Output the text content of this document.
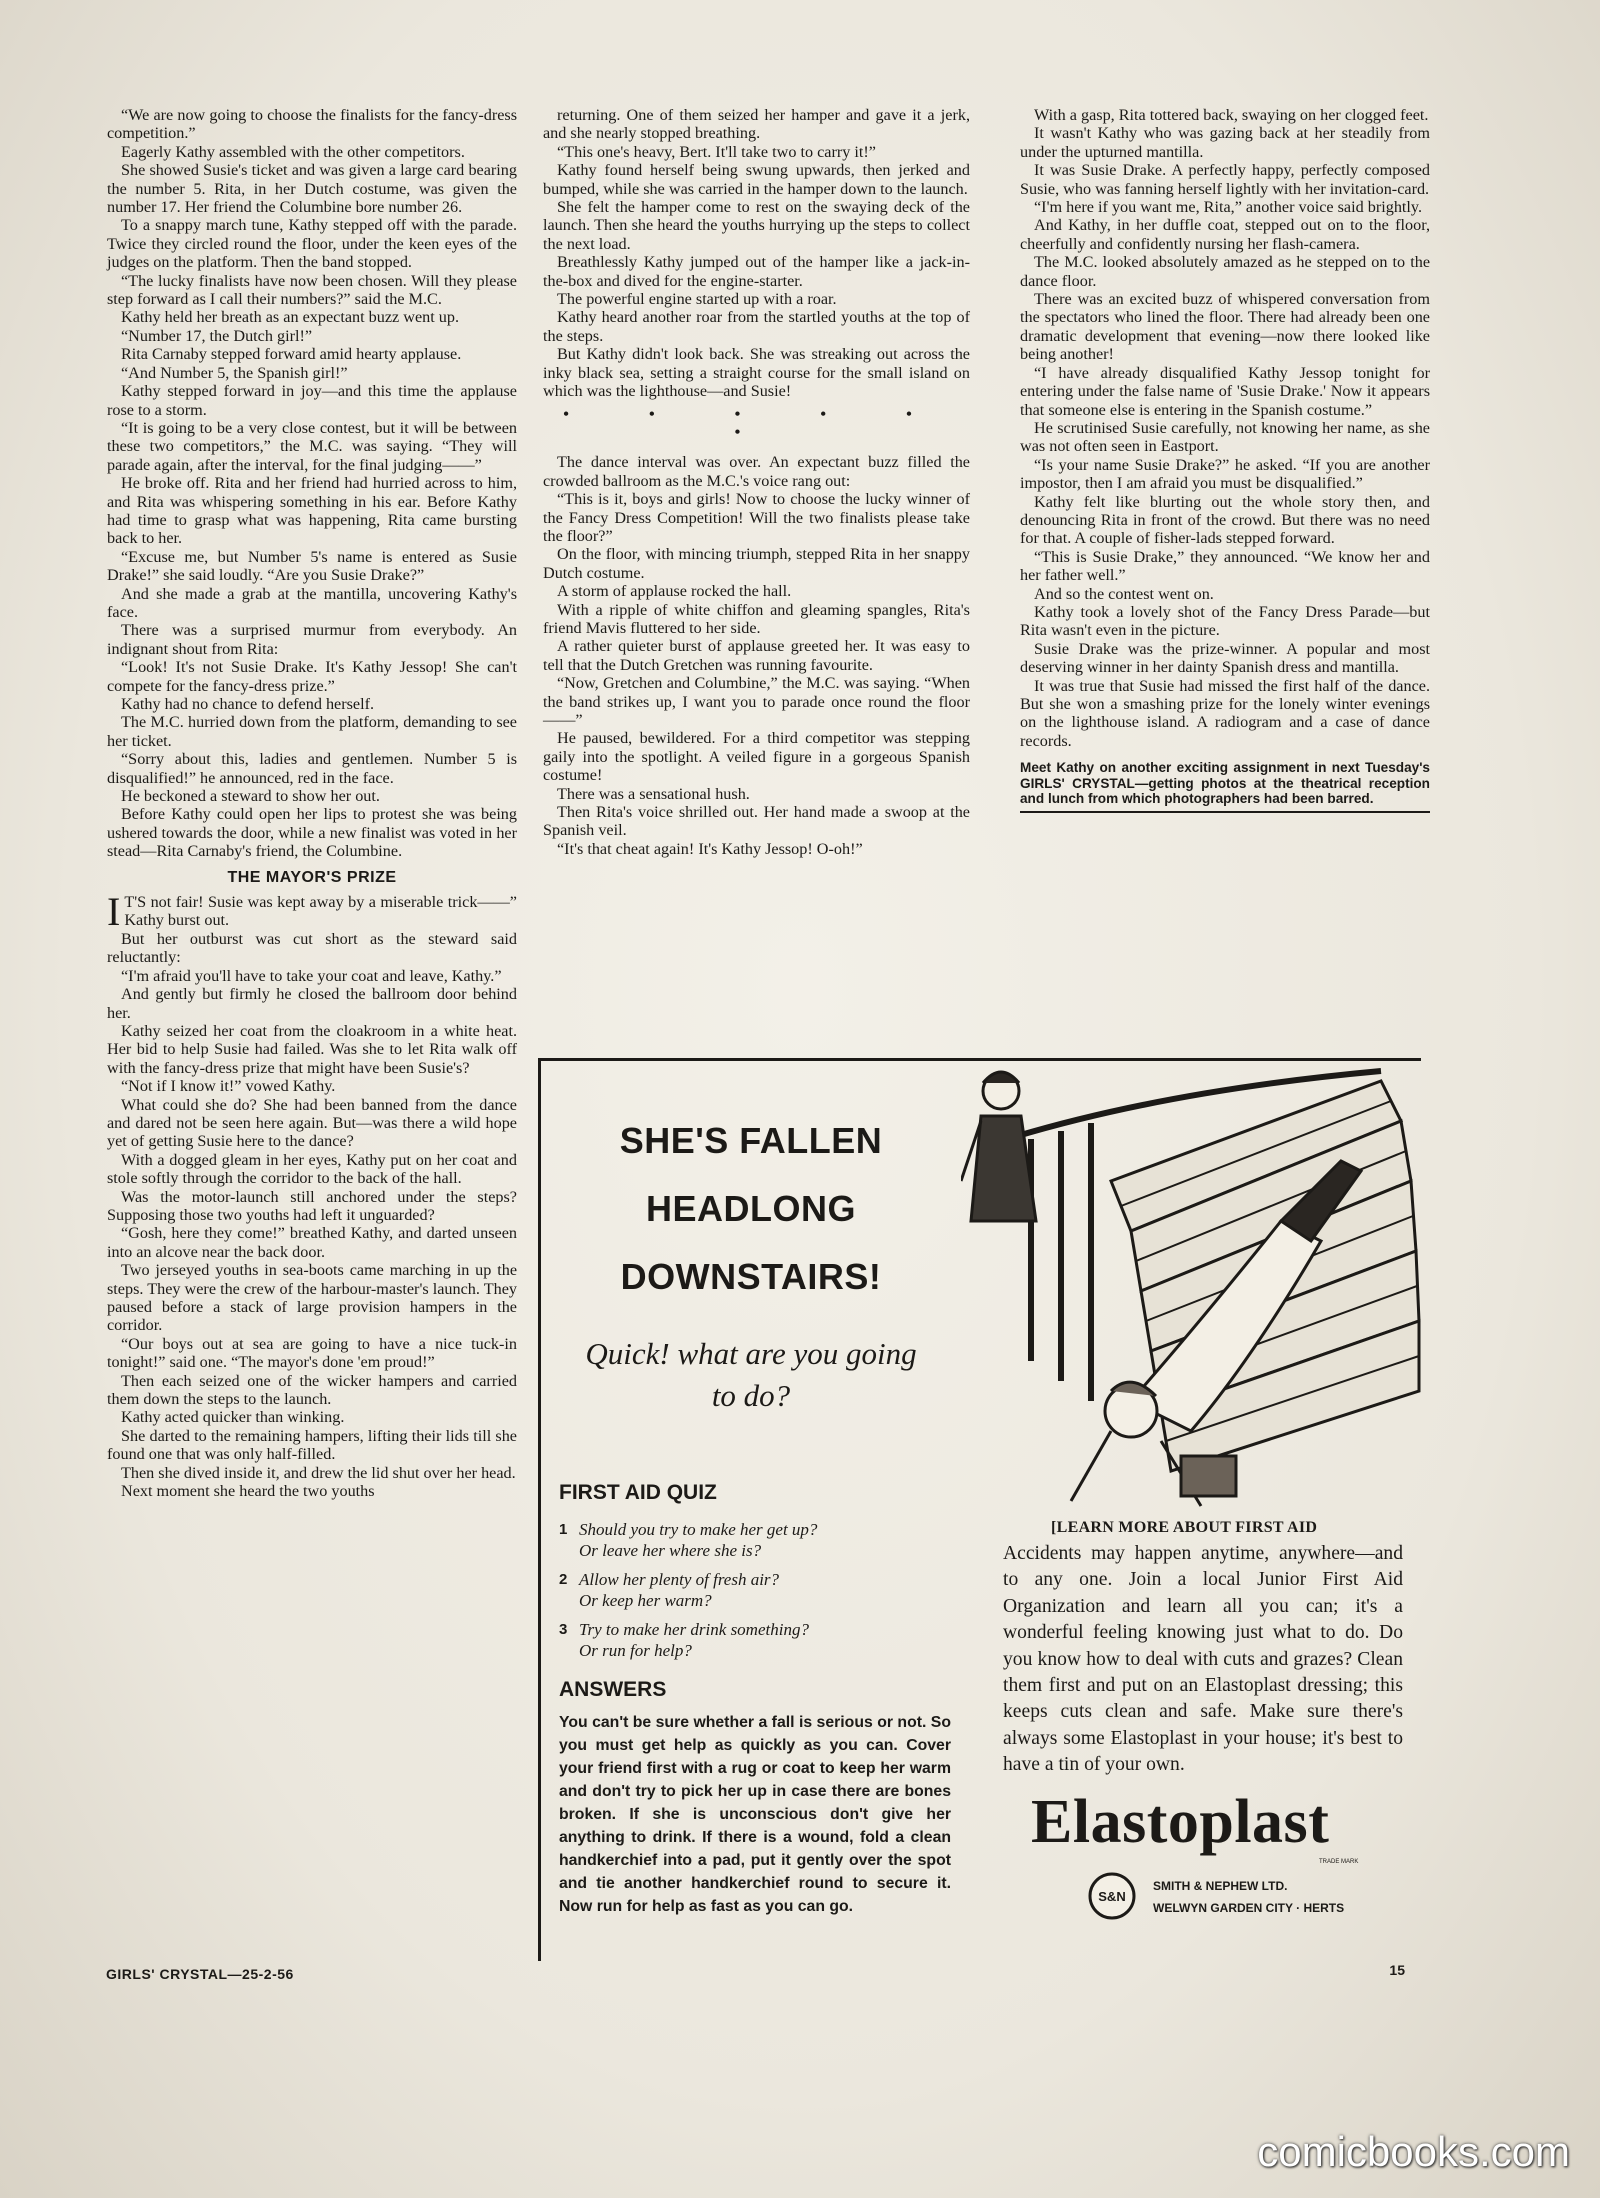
“We are now going to choose the finalists for the fancy-dress competition.”

Eagerly Kathy assembled with the other competitors.

She showed Susie's ticket and was given a large card bearing the number 5. Rita, in her Dutch costume, was given the number 17. Her friend the Columbine bore number 26.

To a snappy march tune, Kathy stepped off with the parade. Twice they circled round the floor, under the keen eyes of the judges on the platform. Then the band stopped.

“The lucky finalists have now been chosen. Will they please step forward as I call their numbers?” said the M.C.

Kathy held her breath as an expectant buzz went up.

“Number 17, the Dutch girl!”

Rita Carnaby stepped forward amid hearty applause.

“And Number 5, the Spanish girl!”

Kathy stepped forward in joy—and this time the applause rose to a storm.

“It is going to be a very close contest, but it will be between these two competitors,” the M.C. was saying. “They will parade again, after the interval, for the final judging——”

He broke off. Rita and her friend had hurried across to him, and Rita was whispering something in his ear. Before Kathy had time to grasp what was happening, Rita came bursting back to her.

“Excuse me, but Number 5's name is entered as Susie Drake!” she said loudly. “Are you Susie Drake?”

And she made a grab at the mantilla, uncovering Kathy's face.

There was a surprised murmur from everybody. An indignant shout from Rita:

“Look! It's not Susie Drake. It's Kathy Jessop! She can't compete for the fancy-dress prize.”

Kathy had no chance to defend herself.

The M.C. hurried down from the platform, demanding to see her ticket.

“Sorry about this, ladies and gentlemen. Number 5 is disqualified!” he announced, red in the face.

He beckoned a steward to show her out.

Before Kathy could open her lips to protest she was being ushered towards the door, while a new finalist was voted in her stead—Rita Carnaby's friend, the Columbine.

THE MAYOR'S PRIZE
I T'S not fair! Susie was kept away by a miserable trick——” Kathy burst out.

But her outburst was cut short as the steward said reluctantly:

“I'm afraid you'll have to take your coat and leave, Kathy.”

And gently but firmly he closed the ballroom door behind her.

Kathy seized her coat from the cloakroom in a white heat. Her bid to help Susie had failed. Was she to let Rita walk off with the fancy-dress prize that might have been Susie's?

“Not if I know it!” vowed Kathy.

What could she do? She had been banned from the dance and dared not be seen here again. But—was there a wild hope yet of getting Susie here to the dance?

With a dogged gleam in her eyes, Kathy put on her coat and stole softly through the corridor to the back of the hall.

Was the motor-launch still anchored under the steps? Supposing those two youths had left it unguarded?

“Gosh, here they come!” breathed Kathy, and darted unseen into an alcove near the back door.

Two jerseyed youths in sea-boots came marching in up the steps. They were the crew of the harbour-master's launch. They paused before a stack of large provision hampers in the corridor.

“Our boys out at sea are going to have a nice tuck-in tonight!” said one. “The mayor's done 'em proud!”

Then each seized one of the wicker hampers and carried them down the steps to the launch.

Kathy acted quicker than winking.

She darted to the remaining hampers, lifting their lids till she found one that was only half-filled.

Then she dived inside it, and drew the lid shut over her head.

Next moment she heard the two youths

returning. One of them seized her hamper and gave it a jerk, and she nearly stopped breathing.

“This one's heavy, Bert. It'll take two to carry it!”

Kathy found herself being swung upwards, then jerked and bumped, while she was carried in the hamper down to the launch.

She felt the hamper come to rest on the swaying deck of the launch. Then she heard the youths hurrying up the steps to collect the next load.

Breathlessly Kathy jumped out of the hamper like a jack-in-the-box and dived for the engine-starter.

The powerful engine started up with a roar.

Kathy heard another roar from the startled youths at the top of the steps.

But Kathy didn't look back. She was streaking out across the inky black sea, setting a straight course for the small island on which was the lighthouse—and Susie!

• • • • • •

The dance interval was over. An expectant buzz filled the crowded ballroom as the M.C.'s voice rang out:

“This is it, boys and girls! Now to choose the lucky winner of the Fancy Dress Competition! Will the two finalists please take the floor?”

On the floor, with mincing triumph, stepped Rita in her snappy Dutch costume.

A storm of applause rocked the hall.

With a ripple of white chiffon and gleaming spangles, Rita's friend Mavis fluttered to her side.

A rather quieter burst of applause greeted her. It was easy to tell that the Dutch Gretchen was running favourite.

“Now, Gretchen and Columbine,” the M.C. was saying. “When the band strikes up, I want you to parade once round the floor——”

He paused, bewildered. For a third competitor was stepping gaily into the spotlight. A veiled figure in a gorgeous Spanish costume!

There was a sensational hush.

Then Rita's voice shrilled out. Her hand made a swoop at the Spanish veil.

“It's that cheat again! It's Kathy Jessop! O-oh!”

With a gasp, Rita tottered back, swaying on her clogged feet.

It wasn't Kathy who was gazing back at her steadily from under the upturned mantilla.

It was Susie Drake. A perfectly happy, perfectly composed Susie, who was fanning herself lightly with her invitation-card.

“I'm here if you want me, Rita,” another voice said brightly.

And Kathy, in her duffle coat, stepped out on to the floor, cheerfully and confidently nursing her flash-camera.

The M.C. looked absolutely amazed as he stepped on to the dance floor.

There was an excited buzz of whispered conversation from the spectators who lined the floor. There had already been one dramatic development that evening—now there looked like being another!

“I have already disqualified Kathy Jessop tonight for entering under the false name of 'Susie Drake.' Now it appears that someone else is entering in the Spanish costume.”

He scrutinised Susie carefully, not knowing her name, as she was not often seen in Eastport.

“Is your name Susie Drake?” he asked. “If you are another impostor, then I am afraid you must be disqualified.”

Kathy felt like blurting out the whole story then, and denouncing Rita in front of the crowd. But there was no need for that. A couple of fisher-lads stepped forward.

“This is Susie Drake,” they announced. “We know her and her father well.”

And so the contest went on.

Kathy took a lovely shot of the Fancy Dress Parade—but Rita wasn't even in the picture.

Susie Drake was the prize-winner. A popular and most deserving winner in her dainty Spanish dress and mantilla.

It was true that Susie had missed the first half of the dance. But she won a smashing prize for the lonely winter evenings on the lighthouse island. A radiogram and a case of dance records.

Meet Kathy on another exciting assignment in next Tuesday's GIRLS' CRYSTAL—getting photos at the theatrical reception and lunch from which photographers had been barred.
SHE'S FALLEN HEADLONG DOWNSTAIRS!
Quick! what are you going to do?
FIRST AID QUIZ
1 Should you try to make her get up?
Or leave her where she is?
2 Allow her plenty of fresh air?
Or keep her warm?
3 Try to make her drink something?
Or run for help?
ANSWERS
You can't be sure whether a fall is serious or not. So you must get help as quickly as you can. Cover your friend first with a rug or coat to keep her warm and don't try to pick her up in case there are bones broken. If she is unconscious don't give her anything to drink. If there is a wound, fold a clean handkerchief into a pad, put it gently over the spot and tie another handkerchief round to secure it. Now run for help as fast as you can go.
[LEARN MORE ABOUT FIRST AID
Accidents may happen anytime, anywhere—and to any one. Join a local Junior First Aid Organization and learn all you can; it's a wonderful feeling knowing just what to do. Do you know how to deal with cuts and grazes? Clean them first and put on an Elastoplast dressing; this keeps cuts clean and safe. Make sure there's always some Elastoplast in your house; it's best to have a tin of your own.
Elastoplast
TRADE MARK
S&N
SMITH & NEPHEW LTD.
WELWYN GARDEN CITY · HERTS
GIRLS' CRYSTAL—25-2-56	15
comicbooks.com
